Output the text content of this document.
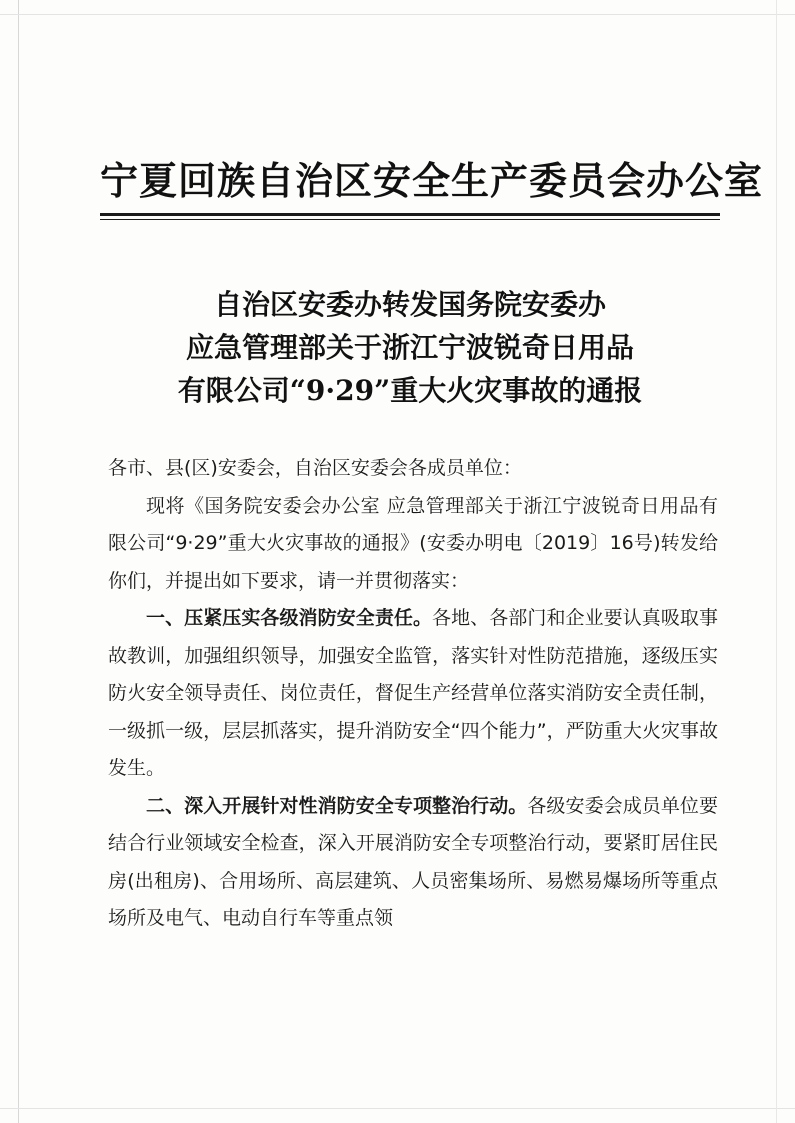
宁夏回族自治区安全生产委员会办公室
自治区安委办转发国务院安委办
应急管理部关于浙江宁波锐奇日用品
有限公司“9·29”重大火灾事故的通报

各市、县(区)安委会，自治区安委会各成员单位：

现将《国务院安委会办公室 应急管理部关于浙江宁波锐奇日用品有限公司“9·29”重大火灾事故的通报》(安委办明电〔2019〕16号)转发给你们，并提出如下要求，请一并贯彻落实：

一、压紧压实各级消防安全责任。各地、各部门和企业要认真吸取事故教训，加强组织领导，加强安全监管，落实针对性防范措施，逐级压实防火安全领导责任、岗位责任，督促生产经营单位落实消防安全责任制，一级抓一级，层层抓落实，提升消防安全“四个能力”，严防重大火灾事故发生。

二、深入开展针对性消防安全专项整治行动。各级安委会成员单位要结合行业领域安全检查，深入开展消防安全专项整治行动，要紧盯居住民房(出租房)、合用场所、高层建筑、人员密集场所、易燃易爆场所等重点场所及电气、电动自行车等重点领
